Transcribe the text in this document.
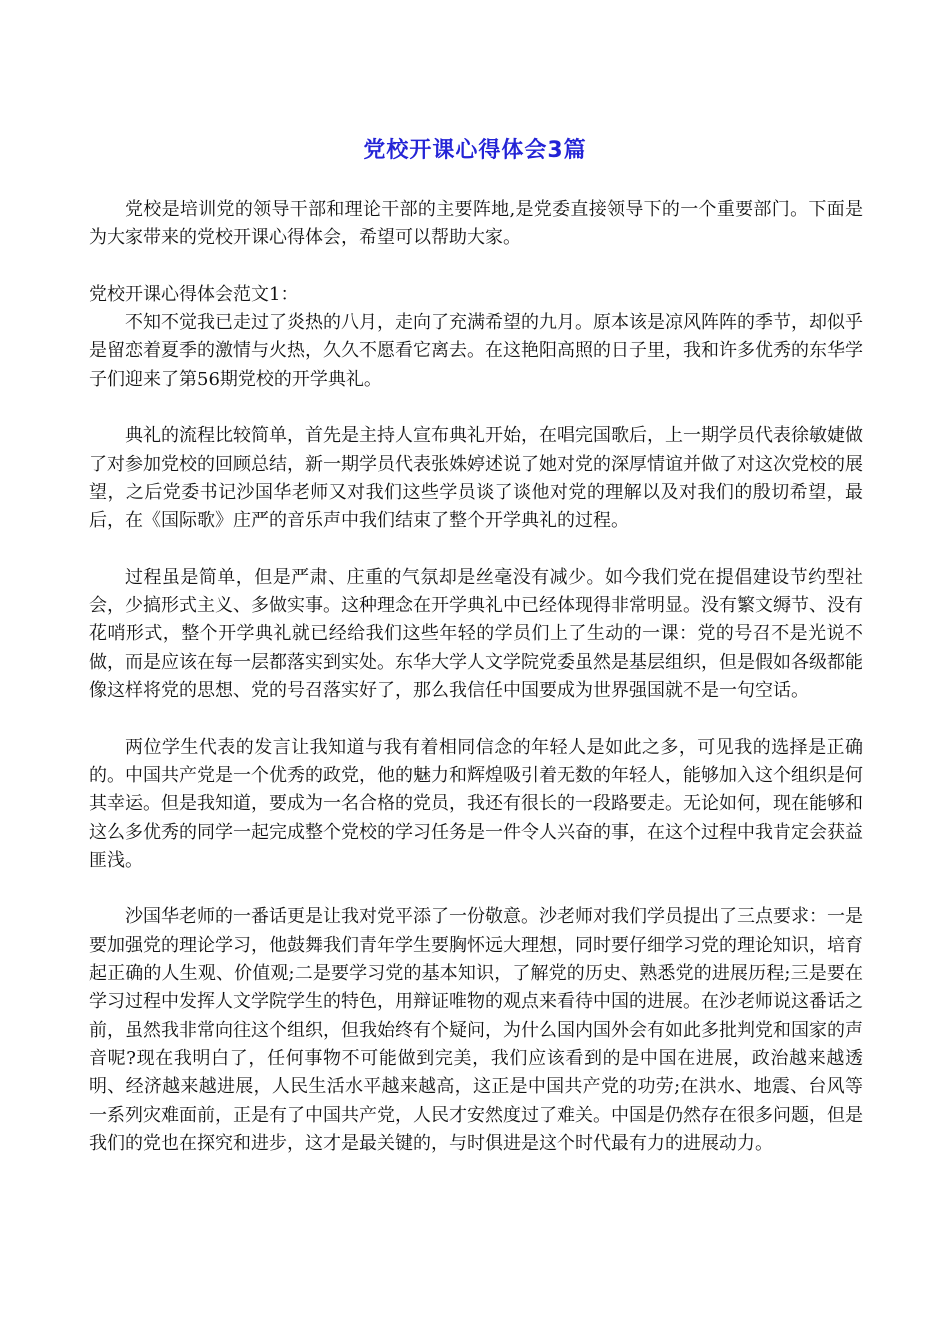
党校开课心得体会3篇

党校是培训党的领导干部和理论干部的主要阵地,是党委直接领导下的一个重要部门。下面是为大家带来的党校开课心得体会，希望可以帮助大家。

党校开课心得体会范文1：

不知不觉我已走过了炎热的八月，走向了充满希望的九月。原本该是凉风阵阵的季节，却似乎是留恋着夏季的激情与火热，久久不愿看它离去。在这艳阳高照的日子里，我和许多优秀的东华学子们迎来了第56期党校的开学典礼。

典礼的流程比较简单，首先是主持人宣布典礼开始，在唱完国歌后，上一期学员代表徐敏婕做了对参加党校的回顾总结，新一期学员代表张姝婷述说了她对党的深厚情谊并做了对这次党校的展望，之后党委书记沙国华老师又对我们这些学员谈了谈他对党的理解以及对我们的殷切希望，最后，在《国际歌》庄严的音乐声中我们结束了整个开学典礼的过程。

过程虽是简单，但是严肃、庄重的气氛却是丝毫没有减少。如今我们党在提倡建设节约型社会，少搞形式主义、多做实事。这种理念在开学典礼中已经体现得非常明显。没有繁文缛节、没有花哨形式，整个开学典礼就已经给我们这些年轻的学员们上了生动的一课：党的号召不是光说不做，而是应该在每一层都落实到实处。东华大学人文学院党委虽然是基层组织，但是假如各级都能像这样将党的思想、党的号召落实好了，那么我信任中国要成为世界强国就不是一句空话。

两位学生代表的发言让我知道与我有着相同信念的年轻人是如此之多，可见我的选择是正确的。中国共产党是一个优秀的政党，他的魅力和辉煌吸引着无数的年轻人，能够加入这个组织是何其幸运。但是我知道，要成为一名合格的党员，我还有很长的一段路要走。无论如何，现在能够和这么多优秀的同学一起完成整个党校的学习任务是一件令人兴奋的事，在这个过程中我肯定会获益匪浅。

沙国华老师的一番话更是让我对党平添了一份敬意。沙老师对我们学员提出了三点要求：一是要加强党的理论学习，他鼓舞我们青年学生要胸怀远大理想，同时要仔细学习党的理论知识，培育起正确的人生观、价值观;二是要学习党的基本知识，了解党的历史、熟悉党的进展历程;三是要在学习过程中发挥人文学院学生的特色，用辩证唯物的观点来看待中国的进展。在沙老师说这番话之前，虽然我非常向往这个组织，但我始终有个疑问，为什么国内国外会有如此多批判党和国家的声音呢?现在我明白了，任何事物不可能做到完美，我们应该看到的是中国在进展，政治越来越透明、经济越来越进展，人民生活水平越来越高，这正是中国共产党的功劳;在洪水、地震、台风等一系列灾难面前，正是有了中国共产党，人民才安然度过了难关。中国是仍然存在很多问题，但是我们的党也在探究和进步，这才是最关键的，与时俱进是这个时代最有力的进展动力。
